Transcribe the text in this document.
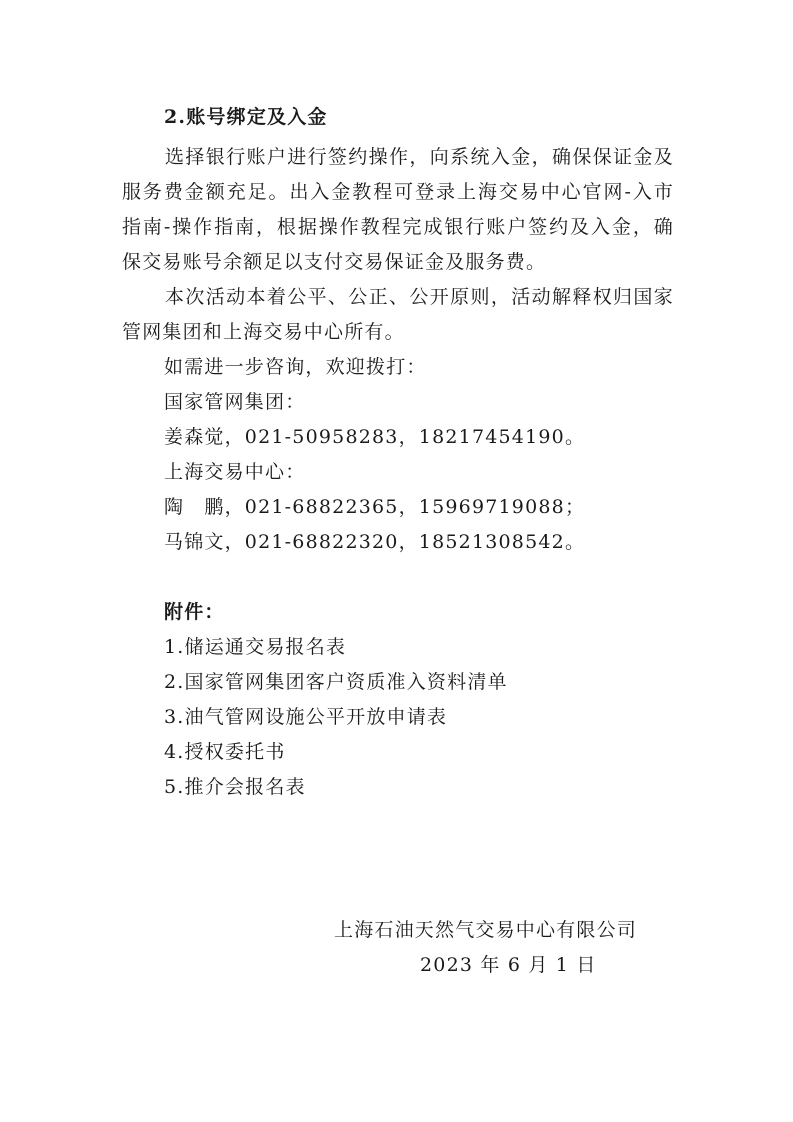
2.账号绑定及入金
选择银行账户进行签约操作，向系统入金，确保保证金及服务费金额充足。出入金教程可登录上海交易中心官网-入市指南-操作指南，根据操作教程完成银行账户签约及入金，确保交易账号余额足以支付交易保证金及服务费。
本次活动本着公平、公正、公开原则，活动解释权归国家管网集团和上海交易中心所有。
如需进一步咨询，欢迎拨打：
国家管网集团：
姜森觉，021-50958283，18217454190。
上海交易中心：
陶　鹏，021-68822365，15969719088；
马锦文，021-68822320，18521308542。
附件：
1.储运通交易报名表
2.国家管网集团客户资质准入资料清单
3.油气管网设施公平开放申请表
4.授权委托书
5.推介会报名表
上海石油天然气交易中心有限公司
2023 年 6 月 1 日
